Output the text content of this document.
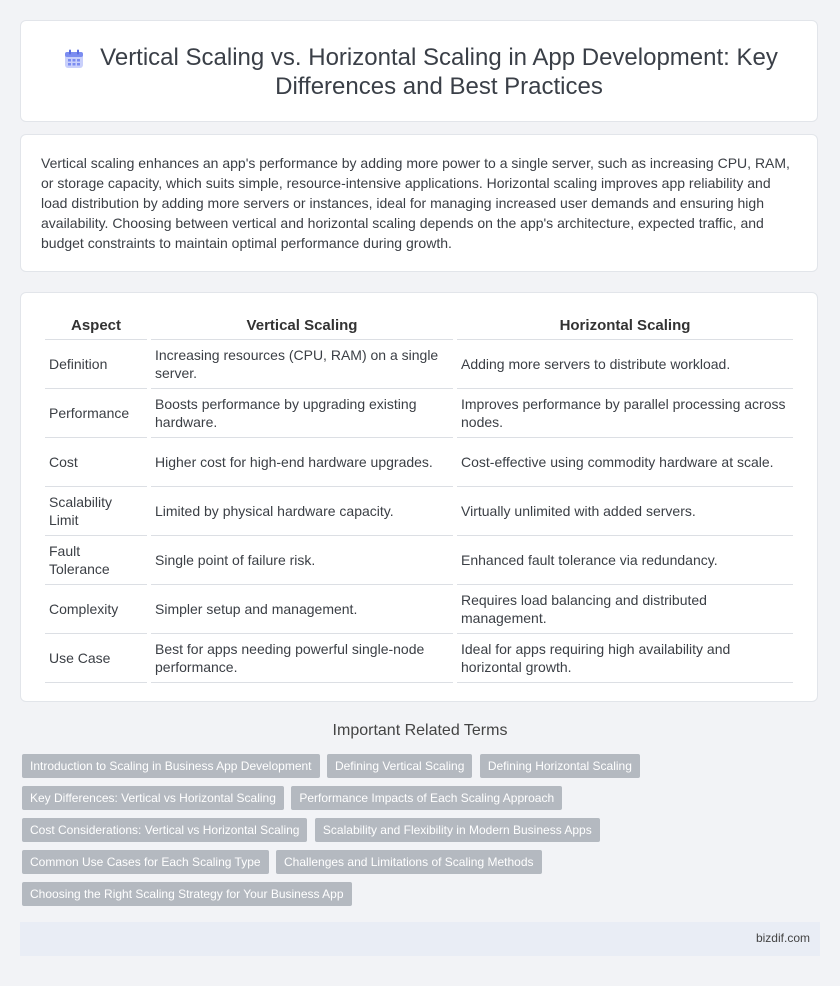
Vertical Scaling vs. Horizontal Scaling in App Development: Key Differences and Best Practices

Vertical scaling enhances an app's performance by adding more power to a single server, such as increasing CPU, RAM, or storage capacity, which suits simple, resource-intensive applications. Horizontal scaling improves app reliability and load distribution by adding more servers or instances, ideal for managing increased user demands and ensuring high availability. Choosing between vertical and horizontal scaling depends on the app's architecture, expected traffic, and budget constraints to maintain optimal performance during growth.

Aspect	Vertical Scaling	Horizontal Scaling
Definition	Increasing resources (CPU, RAM) on a single server.	Adding more servers to distribute workload.
Performance	Boosts performance by upgrading existing hardware.	Improves performance by parallel processing across nodes.
Cost	Higher cost for high-end hardware upgrades.	Cost-effective using commodity hardware at scale.
Scalability Limit	Limited by physical hardware capacity.	Virtually unlimited with added servers.
Fault Tolerance	Single point of failure risk.	Enhanced fault tolerance via redundancy.
Complexity	Simpler setup and management.	Requires load balancing and distributed management.
Use Case	Best for apps needing powerful single-node performance.	Ideal for apps requiring high availability and horizontal growth.
Important Related Terms
Introduction to Scaling in Business App Development Defining Vertical Scaling Defining Horizontal Scaling Key Differences: Vertical vs Horizontal Scaling Performance Impacts of Each Scaling Approach Cost Considerations: Vertical vs Horizontal Scaling Scalability and Flexibility in Modern Business Apps Common Use Cases for Each Scaling Type Challenges and Limitations of Scaling Methods Choosing the Right Scaling Strategy for Your Business App
bizdif.com
